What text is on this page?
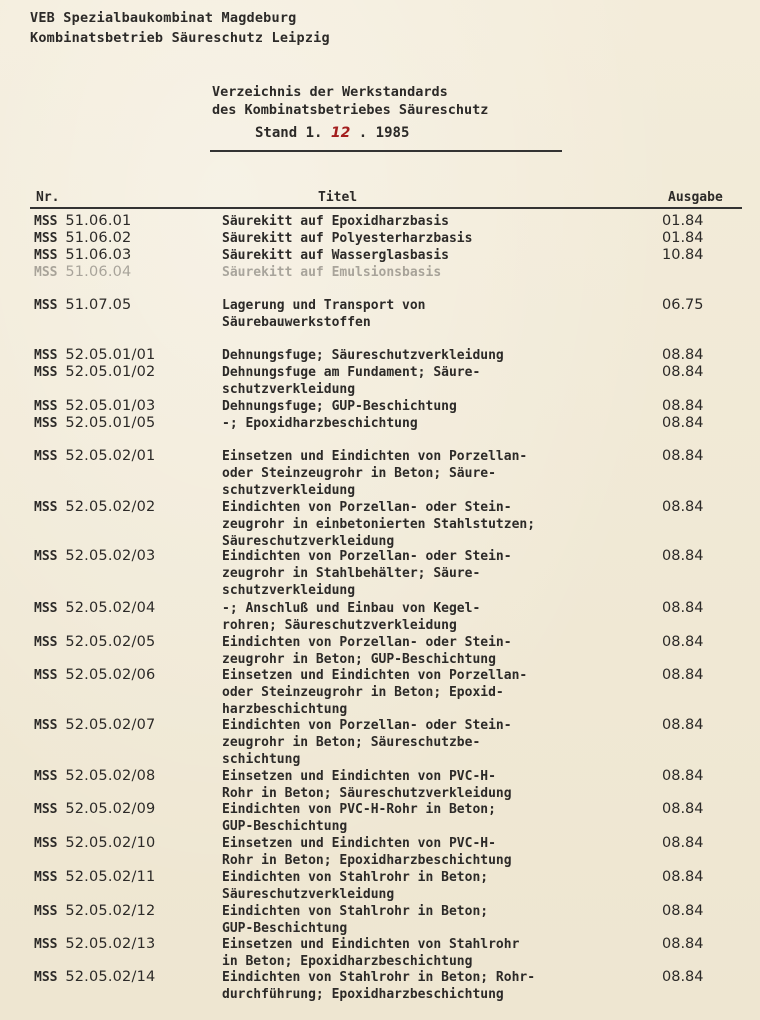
VEB Spezialbaukombinat Magdeburg
Kombinatsbetrieb Säureschutz Leipzig
Verzeichnis der Werkstandards
des Kombinatsbetriebes Säureschutz
Stand 1. 12 . 1985
Nr.	Titel	Ausgabe
MSS 51.06.01	Säurekitt auf Epoxidharzbasis	01.84
MSS 51.06.02	Säurekitt auf Polyesterharzbasis	01.84
MSS 51.06.03	Säurekitt auf Wasserglasbasis	10.84
MSS 51.06.04	Säurekitt auf Emulsionsbasis
MSS 51.07.05	Lagerung und Transport von
Säurebauwerkstoffen
06.75
MSS 52.05.01/01	Dehnungsfuge; Säureschutzverkleidung	08.84
MSS 52.05.01/02	Dehnungsfuge am Fundament; Säure-
schutzverkleidung
08.84
MSS 52.05.01/03	Dehnungsfuge; GUP-Beschichtung	08.84
MSS 52.05.01/05	-; Epoxidharzbeschichtung	08.84
MSS 52.05.02/01	Einsetzen und Eindichten von Porzellan-
oder Steinzeugrohr in Beton; Säure-
schutzverkleidung
08.84
MSS 52.05.02/02	Eindichten von Porzellan- oder Stein-
zeugrohr in einbetonierten Stahlstutzen;
Säureschutzverkleidung
08.84
MSS 52.05.02/03	Eindichten von Porzellan- oder Stein-
zeugrohr in Stahlbehälter; Säure-
schutzverkleidung
08.84
MSS 52.05.02/04	-; Anschluß und Einbau von Kegel-
rohren; Säureschutzverkleidung
08.84
MSS 52.05.02/05	Eindichten von Porzellan- oder Stein-
zeugrohr in Beton; GUP-Beschichtung
08.84
MSS 52.05.02/06	Einsetzen und Eindichten von Porzellan-
oder Steinzeugrohr in Beton; Epoxid-
harzbeschichtung
08.84
MSS 52.05.02/07	Eindichten von Porzellan- oder Stein-
zeugrohr in Beton; Säureschutzbe-
schichtung
08.84
MSS 52.05.02/08	Einsetzen und Eindichten von PVC-H-
Rohr in Beton; Säureschutzverkleidung
08.84
MSS 52.05.02/09	Eindichten von PVC-H-Rohr in Beton;
GUP-Beschichtung
08.84
MSS 52.05.02/10	Einsetzen und Eindichten von PVC-H-
Rohr in Beton; Epoxidharzbeschichtung
08.84
MSS 52.05.02/11	Eindichten von Stahlrohr in Beton;
Säureschutzverkleidung
08.84
MSS 52.05.02/12	Eindichten von Stahlrohr in Beton;
GUP-Beschichtung
08.84
MSS 52.05.02/13	Einsetzen und Eindichten von Stahlrohr
in Beton; Epoxidharzbeschichtung
08.84
MSS 52.05.02/14	Eindichten von Stahlrohr in Beton; Rohr-
durchführung; Epoxidharzbeschichtung
08.84
